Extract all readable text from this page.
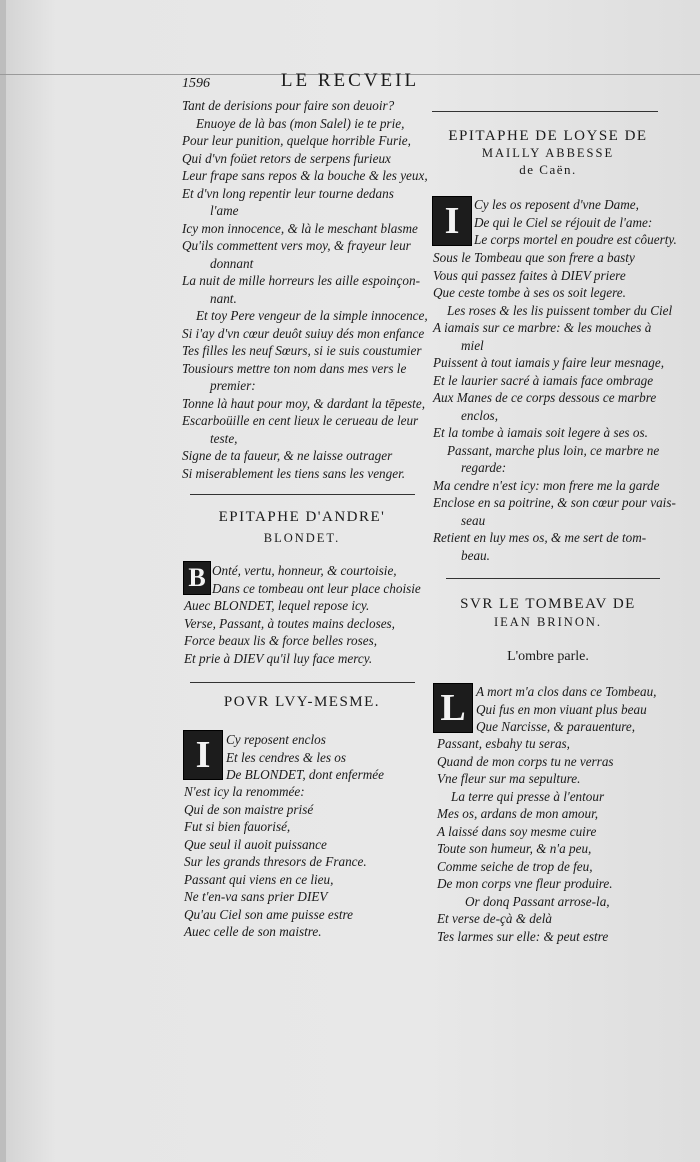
1596	LE RECVEIL
Tant de derisions pour faire son deuoir?
Enuoye de là bas (mon Salel) ie te prie,
Pour leur punition, quelque horrible Furie,
Qui d'vn foüet retors de serpens furieux
Leur frape sans repos & la bouche & les yeux,
Et d'vn long repentir leur tourne dedans
l'ame
Icy mon innocence, & là le meschant blasme
Qu'ils commettent vers moy, & frayeur leur
donnant
La nuit de mille horreurs les aille espoinçon-
nant.
Et toy Pere vengeur de la simple innocence,
Si i'ay d'vn cœur deuôt suiuy dés mon enfance
Tes filles les neuf Sœurs, si ie suis coustumier
Tousiours mettre ton nom dans mes vers le
premier:
Tonne là haut pour moy, & dardant la tēpeste,
Escarboüille en cent lieux le cerueau de leur
teste,
Signe de ta faueur, & ne laisse outrager
Si miserablement les tiens sans les venger.
EPITAPHE D'ANDRE'
BLONDET.
B Onté, vertu, honneur, & courtoisie,
Dans ce tombeau ont leur place choisie
Auec BLONDET, lequel repose icy.
Verse, Passant, à toutes mains decloses,
Force beaux lis & force belles roses,
Et prie à DIEV qu'il luy face mercy.
POVR LVY-MESME.
I	Cy reposent enclos
Et les cendres & les os
De BLONDET, dont enfermée
N'est icy la renommée:
Qui de son maistre prisé
Fut si bien fauorisé,
Que seul il auoit puissance
Sur les grands thresors de France.
Passant qui viens en ce lieu,
Ne t'en-va sans prier DIEV
Qu'au Ciel son ame puisse estre
Auec celle de son maistre.
EPITAPHE DE LOYSE DE
MAILLY ABBESSE
de Caën.
I	Cy les os reposent d'vne Dame,
De qui le Ciel se réjouit de l'ame:
Le corps mortel en poudre est côuerty.
Sous le Tombeau que son frere a basty
Vous qui passez faites à DIEV priere
Que ceste tombe à ses os soit legere.
Les roses & les lis puissent tomber du Ciel
A iamais sur ce marbre: & les mouches à
miel
Puissent à tout iamais y faire leur mesnage,
Et le laurier sacré à iamais face ombrage
Aux Manes de ce corps dessous ce marbre
enclos,
Et la tombe à iamais soit legere à ses os.
Passant, marche plus loin, ce marbre ne
regarde:
Ma cendre n'est icy: mon frere me la garde
Enclose en sa poitrine, & son cœur pour vais-
seau
Retient en luy mes os, & me sert de tom-
beau.
SVR LE TOMBEAV DE
IEAN BRINON.
L'ombre parle.
L A mort m'a clos dans ce Tombeau,
Qui fus en mon viuant plus beau
Que Narcisse, & parauenture,
Passant, esbahy tu seras,
Quand de mon corps tu ne verras
Vne fleur sur ma sepulture.
La terre qui presse à l'entour
Mes os, ardans de mon amour,
A laissé dans soy mesme cuire
Toute son humeur, & n'a peu,
Comme seiche de trop de feu,
De mon corps vne fleur produire.
Or donq Passant arrose-la,
Et verse de-çà & delà
Tes larmes sur elle: & peut estre
